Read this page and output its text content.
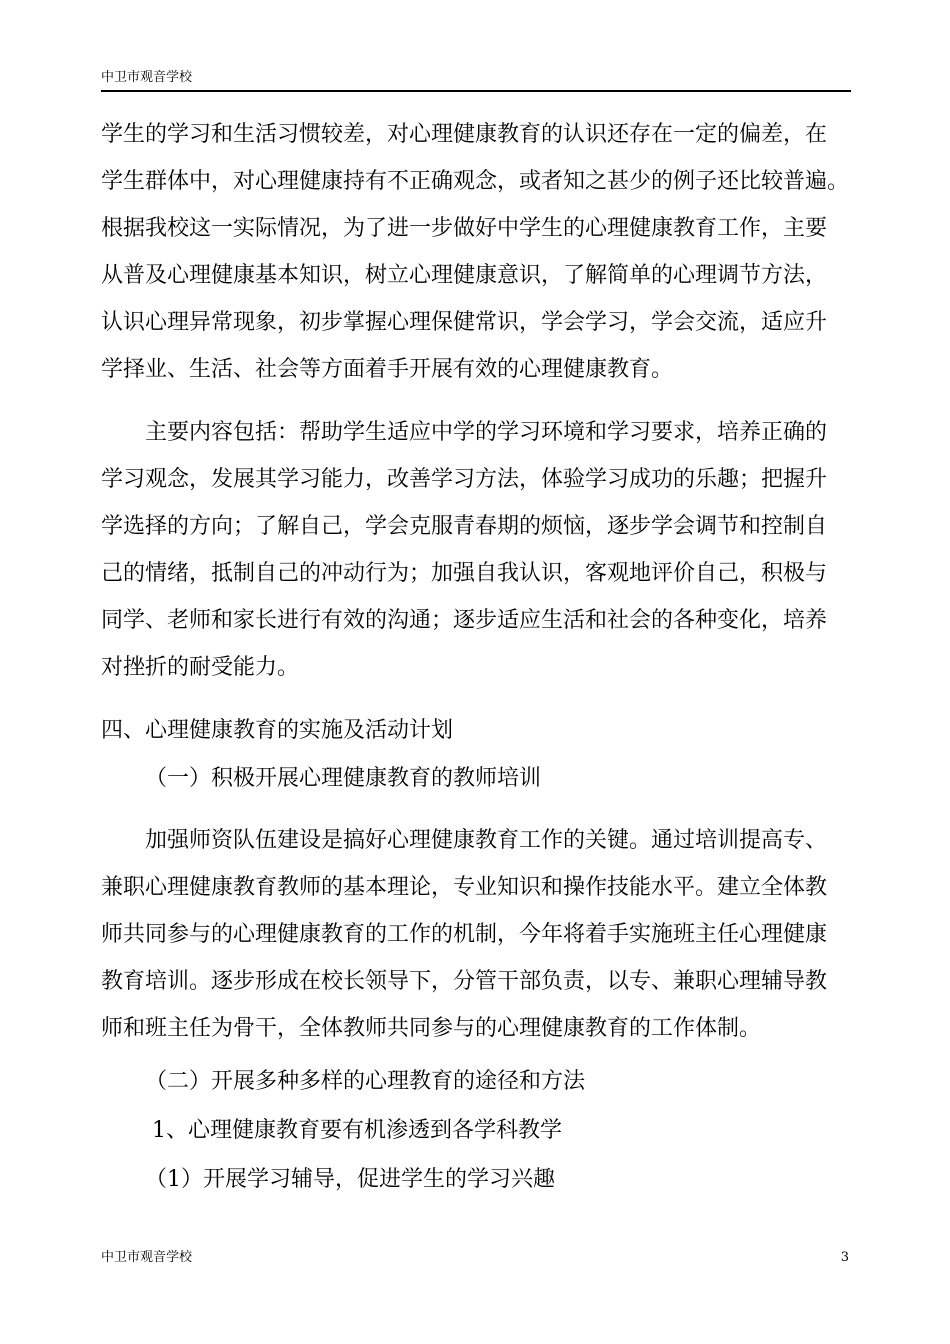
中卫市观音学校
学生的学习和生活习惯较差，对心理健康教育的认识还存在一定的偏差，在
学生群体中，对心理健康持有不正确观念，或者知之甚少的例子还比较普遍。
根据我校这一实际情况，为了进一步做好中学生的心理健康教育工作，主要
从普及心理健康基本知识，树立心理健康意识，了解简单的心理调节方法，
认识心理异常现象，初步掌握心理保健常识，学会学习，学会交流，适应升
学择业、生活、社会等方面着手开展有效的心理健康教育。
主要内容包括：帮助学生适应中学的学习环境和学习要求，培养正确的
学习观念，发展其学习能力，改善学习方法，体验学习成功的乐趣；把握升
学选择的方向；了解自己，学会克服青春期的烦恼，逐步学会调节和控制自
己的情绪，抵制自己的冲动行为；加强自我认识，客观地评价自己，积极与
同学、老师和家长进行有效的沟通；逐步适应生活和社会的各种变化，培养
对挫折的耐受能力。
四、心理健康教育的实施及活动计划
（一）积极开展心理健康教育的教师培训
加强师资队伍建设是搞好心理健康教育工作的关键。通过培训提高专、
兼职心理健康教育教师的基本理论，专业知识和操作技能水平。建立全体教
师共同参与的心理健康教育的工作的机制，今年将着手实施班主任心理健康
教育培训。逐步形成在校长领导下，分管干部负责，以专、兼职心理辅导教
师和班主任为骨干，全体教师共同参与的心理健康教育的工作体制。
（二）开展多种多样的心理教育的途径和方法
1、心理健康教育要有机渗透到各学科教学
（1）开展学习辅导，促进学生的学习兴趣
中卫市观音学校	3
